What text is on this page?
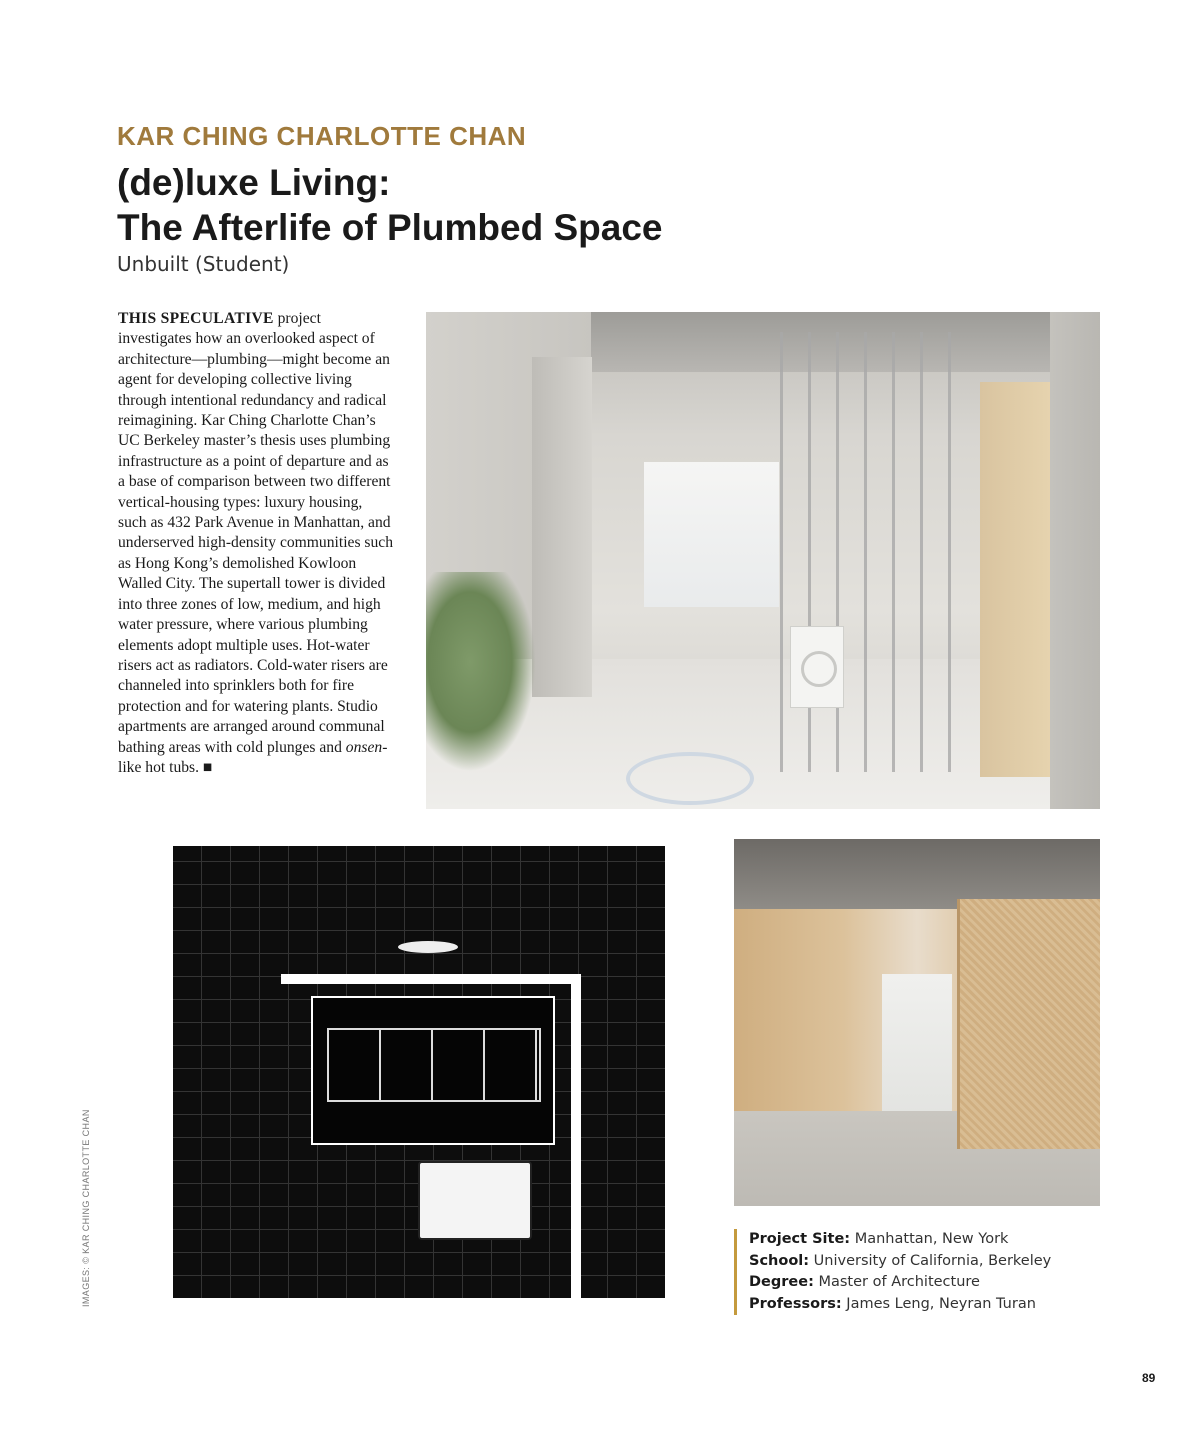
KAR CHING CHARLOTTE CHAN
(de)luxe Living:
The Afterlife of Plumbed Space
Unbuilt (Student)

THIS SPECULATIVE project investigates how an overlooked aspect of architecture—plumbing—might become an agent for developing collective living through intentional redundancy and radical reimagining. Kar Ching Charlotte Chan’s UC Berkeley master’s thesis uses plumbing infrastructure as a point of departure and as a base of comparison between two different vertical-housing types: luxury housing, such as 432 Park Avenue in Manhattan, and underserved high-density communities such as Hong Kong’s demolished Kowloon Walled City. The supertall tower is divided into three zones of low, medium, and high water pressure, where various plumbing elements adopt multiple uses. Hot-water risers act as radiators. Cold-water risers are channeled into sprinklers both for fire protection and for watering plants. Studio apartments are arranged around communal bathing areas with cold plunges and onsen-like hot tubs. ■

Project Site: Manhattan, New York
School: University of California, Berkeley
Degree: Master of Architecture
Professors: James Leng, Neyran Turan
IMAGES: © KAR CHING CHARLOTTE CHAN
89
